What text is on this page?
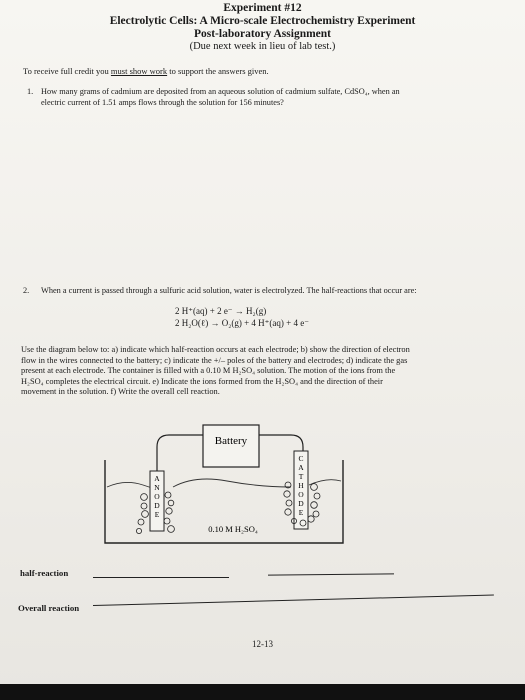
Experiment #12
Electrolytic Cells: A Micro-scale Electrochemistry Experiment
Post-laboratory Assignment
(Due next week in lieu of lab test.)
To receive full credit you must show work to support the answers given.
1. How many grams of cadmium are deposited from an aqueous solution of cadmium sulfate, CdSO₄, when an
electric current of 1.51 amps flows through the solution for 156 minutes?
2. When a current is passed through a sulfuric acid solution, water is electrolyzed. The half-reactions that occur are:
2 H⁺(aq) + 2 e⁻ → H₂(g)
2 H₂O(ℓ) → O₂(g) + 4 H⁺(aq) + 4 e⁻
Use the diagram below to: a) indicate which half-reaction occurs at each electrode; b) show the direction of electron
flow in the wires connected to the battery; c) indicate the +/– poles of the battery and electrodes; d) indicate the gas
present at each electrode. The container is filled with a 0.10 M H₂SO₄ solution. The motion of the ions from the
H₂SO₄ completes the electrical circuit. e) Indicate the ions formed from the H₂SO₄ and the direction of their
movement in the solution. f) Write the overall cell reaction.
Battery
A
N
O
D
E
C
A
T
H
O
D
E
0.10 M H₂SO₄
half-reaction
Overall reaction
12-13
